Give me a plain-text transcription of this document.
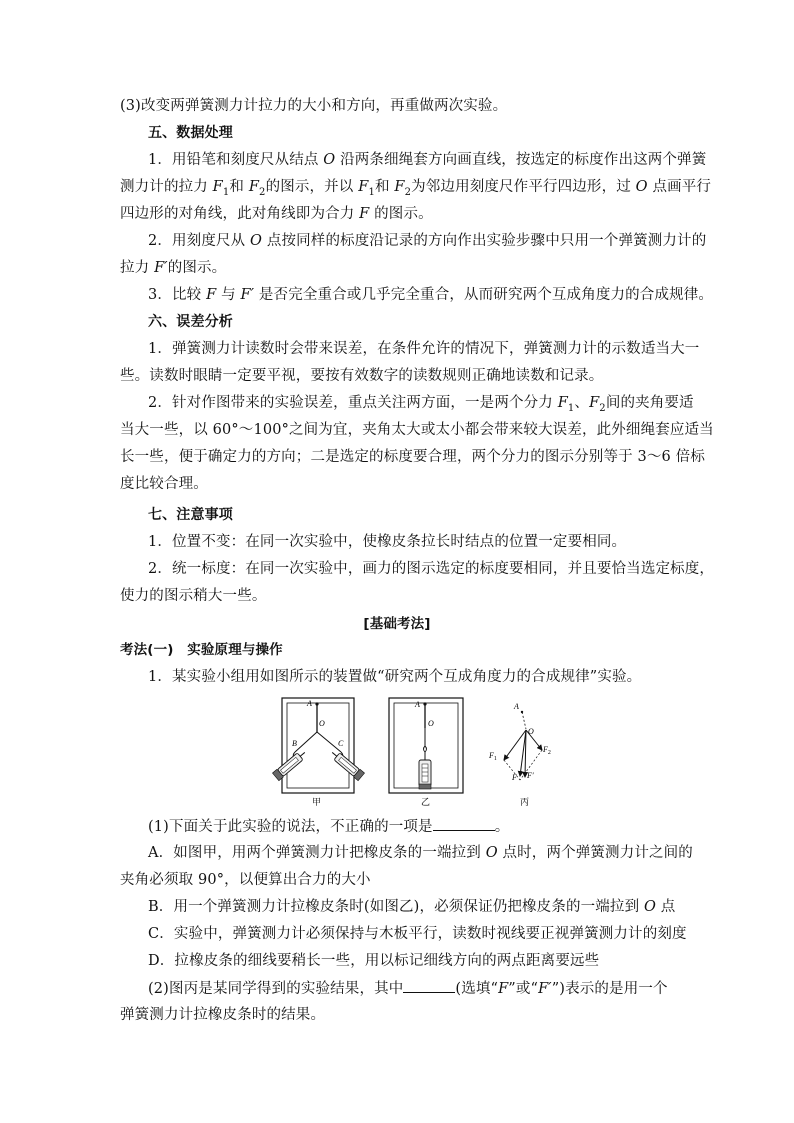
(3)改变两弹簧测力计拉力的大小和方向，再重做两次实验。
五、数据处理
1．用铅笔和刻度尺从结点 O 沿两条细绳套方向画直线，按选定的标度作出这两个弹簧
测力计的拉力 $F_1$和 $F_2$的图示，并以 $F_1$和 $F_2$为邻边用刻度尺作平行四边形，过 O 点画平行
四边形的对角线，此对角线即为合力 F 的图示。
2．用刻度尺从 O 点按同样的标度沿记录的方向作出实验步骤中只用一个弹簧测力计的
拉力 F′的图示。
3．比较 F 与 F′ 是否完全重合或几乎完全重合，从而研究两个互成角度力的合成规律。
六、误差分析
1．弹簧测力计读数时会带来误差，在条件允许的情况下，弹簧测力计的示数适当大一
些。读数时眼睛一定要平视，要按有效数字的读数规则正确地读数和记录。
2．针对作图带来的实验误差，重点关注两方面，一是两个分力 $F_1$、$F_2$间的夹角要适
当大一些，以 60°～100°之间为宜，夹角太大或太小都会带来较大误差，此外细绳套应适当
长一些，便于确定力的方向；二是选定的标度要合理，两个分力的图示分别等于 3～6 倍标
度比较合理。
七、注意事项
1．位置不变：在同一次实验中，使橡皮条拉长时结点的位置一定要相同。
2．统一标度：在同一次实验中，画力的图示选定的标度要相同，并且要恰当选定标度，
使力的图示稍大一些。
[基础考法]
考法(一)　实验原理与操作
1．某实验小组用如图所示的装置做“研究两个互成角度力的合成规律”实验。
A
O
B	C
甲
A
O
乙
A
O
$F_1$
$F_2$
F F′
丙
(1)下面关于此实验的说法，不正确的一项是	。
A．如图甲，用两个弹簧测力计把橡皮条的一端拉到 O 点时，两个弹簧测力计之间的
夹角必须取 90°，以便算出合力的大小
B．用一个弹簧测力计拉橡皮条时(如图乙)，必须保证仍把橡皮条的一端拉到 O 点
C．实验中，弹簧测力计必须保持与木板平行，读数时视线要正视弹簧测力计的刻度
D．拉橡皮条的细线要稍长一些，用以标记细线方向的两点距离要远些
(2)图丙是某同学得到的实验结果，其中	(选填“F”或“F′”)表示的是用一个
弹簧测力计拉橡皮条时的结果。
